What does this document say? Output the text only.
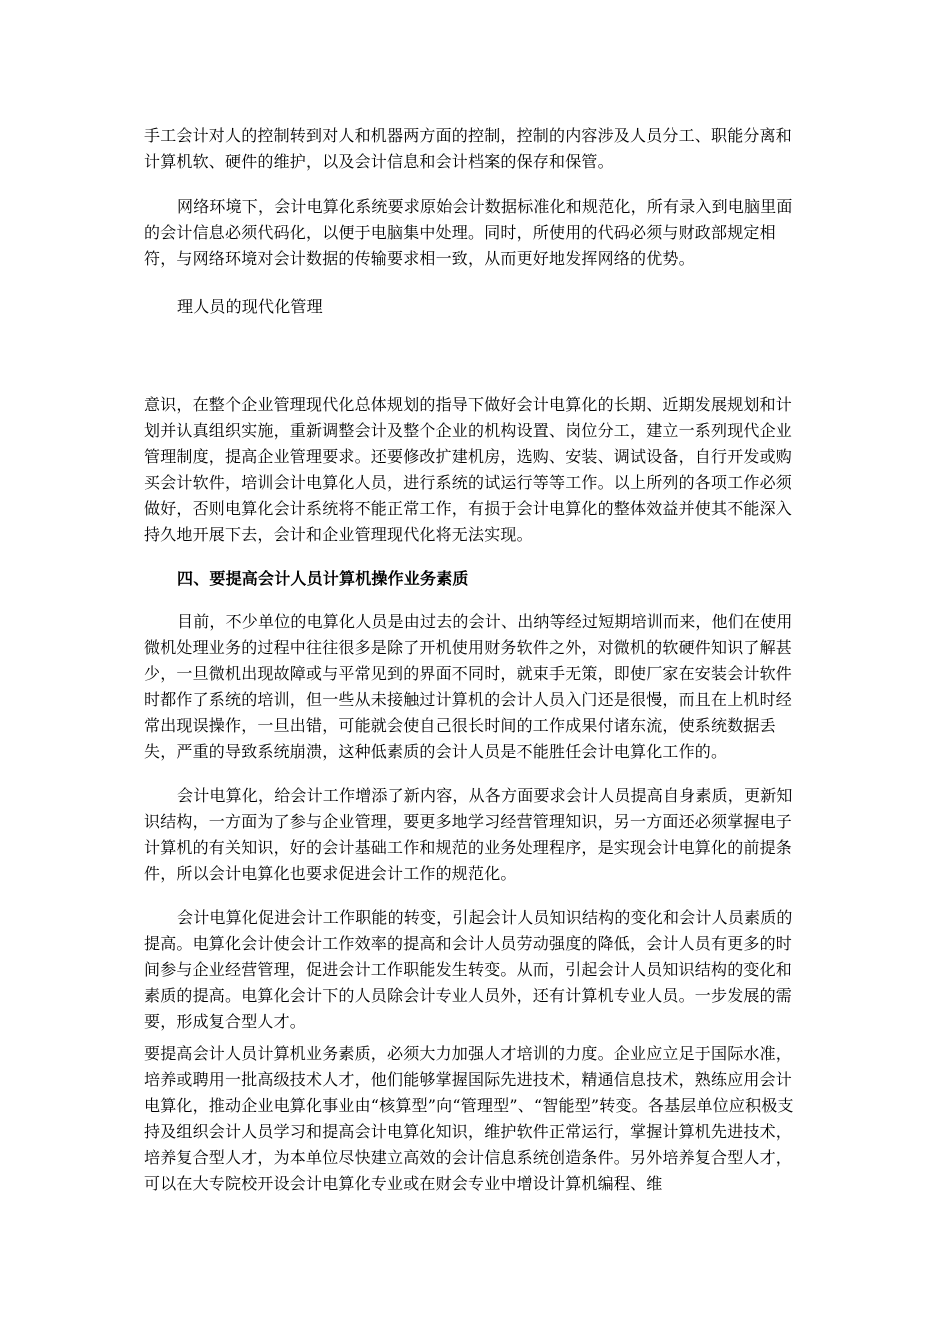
手工会计对人的控制转到对人和机器两方面的控制，控制的内容涉及人员分工、职能分离和计算机软、硬件的维护，以及会计信息和会计档案的保存和保管。

网络环境下，会计电算化系统要求原始会计数据标准化和规范化，所有录入到电脑里面的会计信息必须代码化，以便于电脑集中处理。同时，所使用的代码必须与财政部规定相符，与网络环境对会计数据的传输要求相一致，从而更好地发挥网络的优势。

理人员的现代化管理

意识，在整个企业管理现代化总体规划的指导下做好会计电算化的长期、近期发展规划和计划并认真组织实施，重新调整会计及整个企业的机构设置、岗位分工，建立一系列现代企业管理制度，提高企业管理要求。还要修改扩建机房，选购、安装、调试设备，自行开发或购买会计软件，培训会计电算化人员，进行系统的试运行等等工作。以上所列的各项工作必须做好，否则电算化会计系统将不能正常工作，有损于会计电算化的整体效益并使其不能深入持久地开展下去，会计和企业管理现代化将无法实现。

四、要提高会计人员计算机操作业务素质

目前，不少单位的电算化人员是由过去的会计、出纳等经过短期培训而来，他们在使用微机处理业务的过程中往往很多是除了开机使用财务软件之外，对微机的软硬件知识了解甚少，一旦微机出现故障或与平常见到的界面不同时，就束手无策，即使厂家在安装会计软件时都作了系统的培训，但一些从未接触过计算机的会计人员入门还是很慢，而且在上机时经常出现误操作，一旦出错，可能就会使自己很长时间的工作成果付诸东流，使系统数据丢失，严重的导致系统崩溃，这种低素质的会计人员是不能胜任会计电算化工作的。

会计电算化，给会计工作增添了新内容，从各方面要求会计人员提高自身素质，更新知识结构，一方面为了参与企业管理，要更多地学习经营管理知识，另一方面还必须掌握电子计算机的有关知识，好的会计基础工作和规范的业务处理程序，是实现会计电算化的前提条件，所以会计电算化也要求促进会计工作的规范化。

会计电算化促进会计工作职能的转变，引起会计人员知识结构的变化和会计人员素质的提高。电算化会计使会计工作效率的提高和会计人员劳动强度的降低，会计人员有更多的时间参与企业经营管理，促进会计工作职能发生转变。从而，引起会计人员知识结构的变化和素质的提高。电算化会计下的人员除会计专业人员外，还有计算机专业人员。一步发展的需要，形成复合型人才。

要提高会计人员计算机业务素质，必须大力加强人才培训的力度。企业应立足于国际水准，培养或聘用一批高级技术人才，他们能够掌握国际先进技术，精通信息技术，熟练应用会计电算化，推动企业电算化事业由“核算型”向“管理型”、“智能型”转变。各基层单位应积极支持及组织会计人员学习和提高会计电算化知识，维护软件正常运行，掌握计算机先进技术，培养复合型人才，为本单位尽快建立高效的会计信息系统创造条件。另外培养复合型人才，可以在大专院校开设会计电算化专业或在财会专业中增设计算机编程、维
